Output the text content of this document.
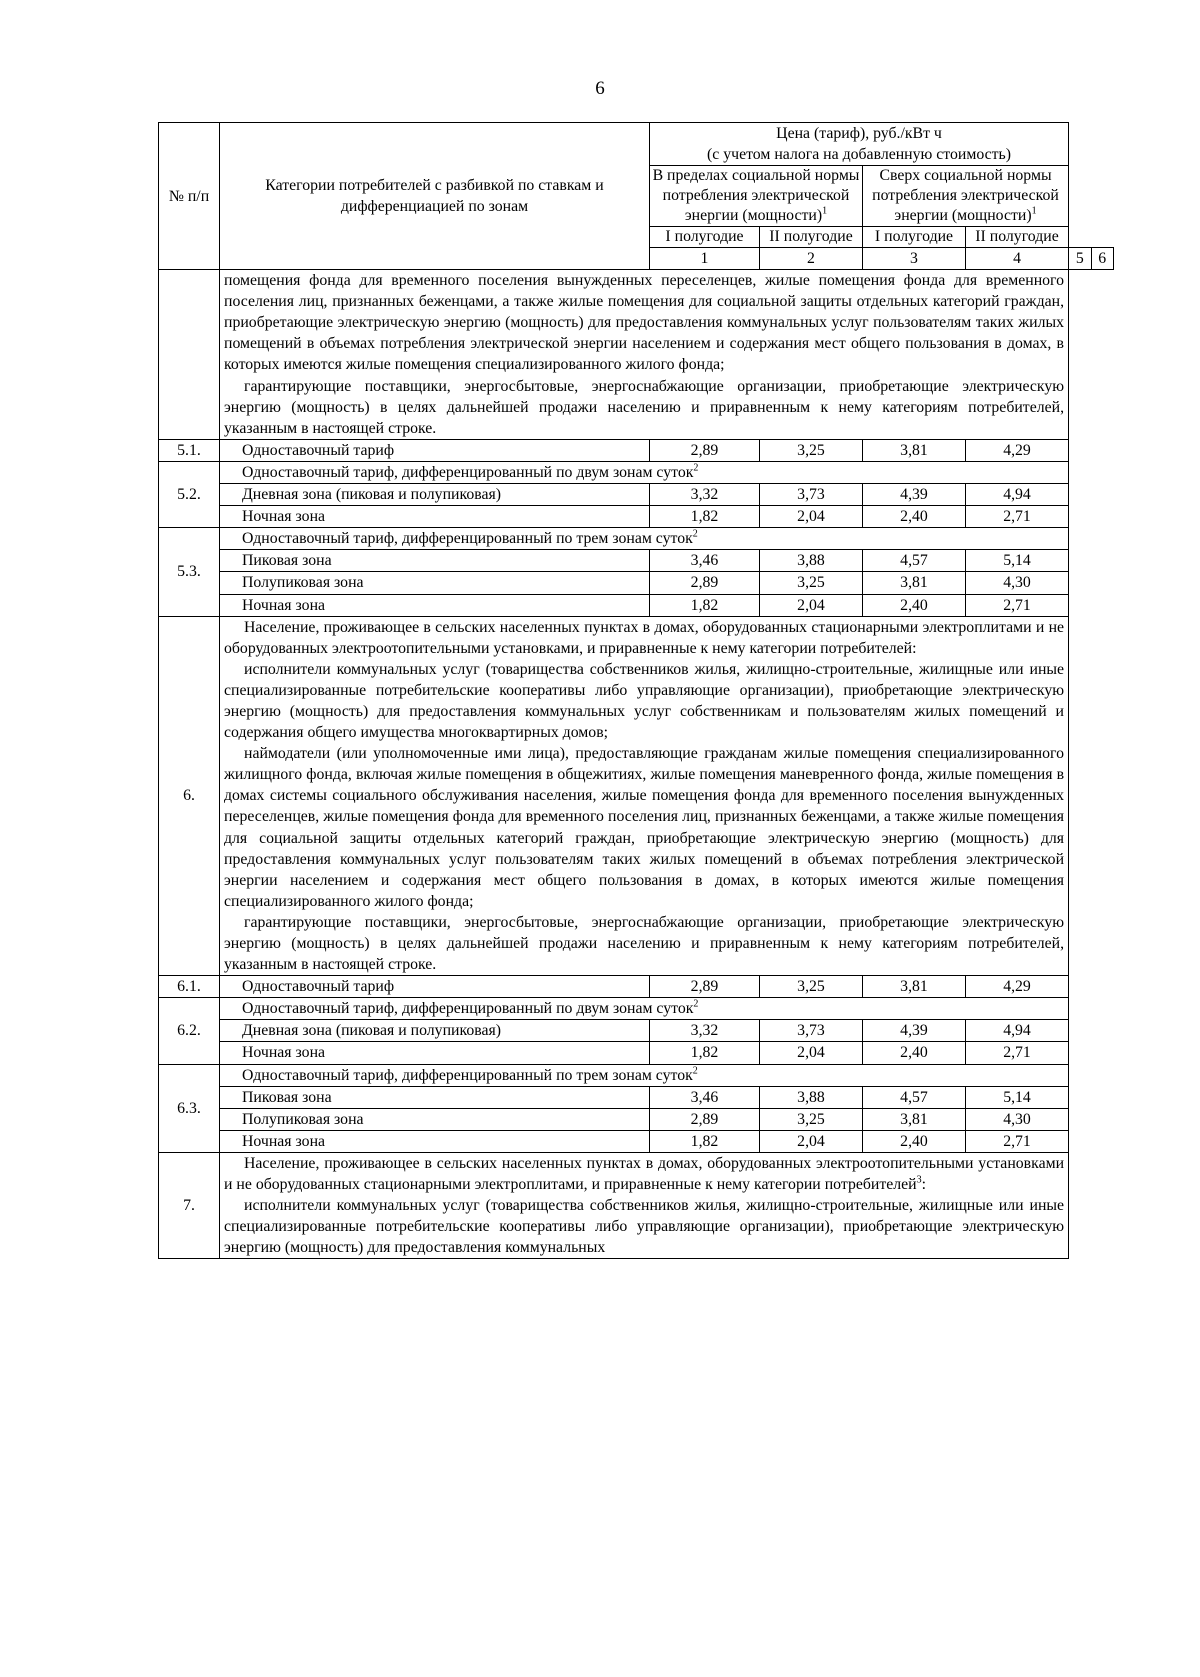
6
№ п/п	Категории потребителей с разбивкой по ставкам и дифференциацией по зонам	Цена (тариф), руб./кВт ч
(с учетом налога на добавленную стоимость)					

		В пределах социальной нормы потребления электрической энергии (мощности)$^1$		Сверх социальной нормы потребления электрической энергии (мощности)$^1$
		I полугодие	II полугодие	I полугодие	II полугодие		
		1	2	3	4	5	6

	помещения фонда для временного поселения вынужденных переселенцев, жилые помещения фонда для временного поселения лиц, признанных беженцами, а также жилые помещения для социальной защиты отдельных категорий граждан, приобретающие электрическую энергию (мощность) для предоставления коммунальных услуг пользователям таких жилых помещений в объемах потребления электрической энергии населением и содержания мест общего пользования в домах, в которых имеются жилые помещения специализированного жилого фонда;
гарантирующие поставщики, энергосбытовые, энергоснабжающие организации, приобретающие электрическую энергию (мощность) в целях дальнейшей продажи населению и приравненным к нему категориям потребителей, указанным в настоящей строке.						

5.1.	Одноставочный тариф	2,89	3,25	3,81	4,29		
5.2.	Одноставочный тариф, дифференцированный по двум зонам суток$^2$
	Дневная зона (пиковая и полупиковая)	3,32	3,73	4,39	4,94		
	Ночная зона	1,82	2,04	2,40	2,71		
5.3.	Одноставочный тариф, дифференцированный по трем зонам суток$^2$
	Пиковая зона	3,46	3,88	4,57	5,14		
	Полупиковая зона	2,89	3,25	3,81	4,30		
	Ночная зона	1,82	2,04	2,40	2,71		
6.	Население, проживающее в сельских населенных пунктах в домах, оборудованных стационарными электроплитами и не оборудованных электроотопительными установками, и приравненные к нему категории потребителей:
исполнители коммунальных услуг (товарищества собственников жилья, жилищно-строительные, жилищные или иные специализированные потребительские кооперативы либо управляющие организации), приобретающие электрическую энергию (мощность) для предоставления коммунальных услуг собственникам и пользователям жилых помещений и содержания общего имущества многоквартирных домов;
наймодатели (или уполномоченные ими лица), предоставляющие гражданам жилые помещения специализированного жилищного фонда, включая жилые помещения в общежитиях, жилые помещения маневренного фонда, жилые помещения в домах системы социального обслуживания населения, жилые помещения фонда для временного поселения вынужденных переселенцев, жилые помещения фонда для временного поселения лиц, признанных беженцами, а также жилые помещения для социальной защиты отдельных категорий граждан, приобретающие электрическую энергию (мощность) для предоставления коммунальных услуг пользователям таких жилых помещений в объемах потребления электрической энергии населением и содержания мест общего пользования в домах, в которых имеются жилые помещения специализированного жилого фонда;
гарантирующие поставщики, энергосбытовые, энергоснабжающие организации, приобретающие электрическую энергию (мощность) в целях дальнейшей продажи населению и приравненным к нему категориям потребителей, указанным в настоящей строке.						

6.1.	Одноставочный тариф	2,89	3,25	3,81	4,29		
6.2.	Одноставочный тариф, дифференцированный по двум зонам суток$^2$
	Дневная зона (пиковая и полупиковая)	3,32	3,73	4,39	4,94		
	Ночная зона	1,82	2,04	2,40	2,71		
6.3.	Одноставочный тариф, дифференцированный по трем зонам суток$^2$
	Пиковая зона	3,46	3,88	4,57	5,14		
	Полупиковая зона	2,89	3,25	3,81	4,30		
	Ночная зона	1,82	2,04	2,40	2,71		
7.	Население, проживающее в сельских населенных пунктах в домах, оборудованных электроотопительными установками и не оборудованных стационарными электроплитами, и приравненные к нему категории потребителей$^3$:
исполнители коммунальных услуг (товарищества собственников жилья, жилищно-строительные, жилищные или иные специализированные потребительские кооперативы либо управляющие организации), приобретающие электрическую энергию (мощность) для предоставления коммунальных						
